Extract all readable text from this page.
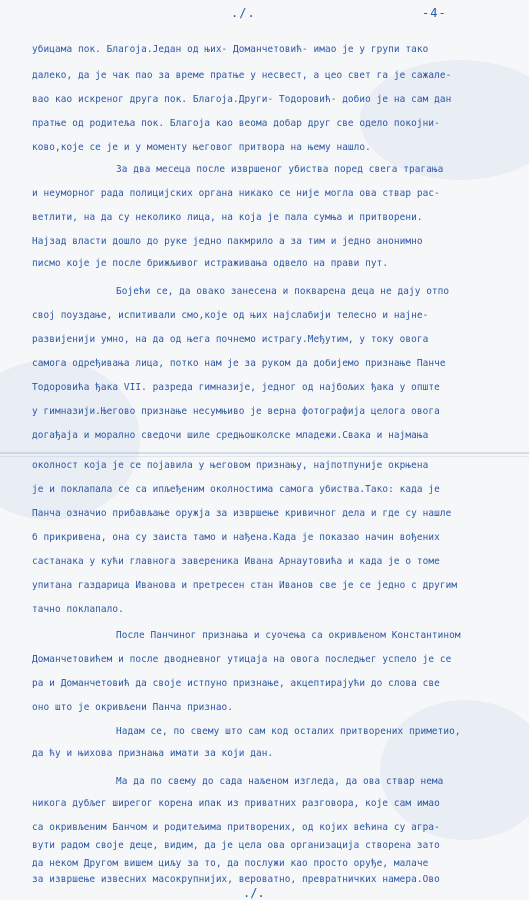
./.	-4-
убицама пок. Благоја.Један од њих- Доманчетовић- имао је у групи тако
далеко, да је чак пао за време пратње у несвест, а цео свет га је сажале-
вао као искреног друга пок. Благоја.Други- Тодоровић- добио је на сам дан
пратње од родитеља пок. Благоја као веома добар друг све одело покојни-
ково,које се је и у моменту његовог притвора на њему нашло.
За два месеца после извршеног убиства поред свега трагања
и неуморног рада полицијских органа никако се није могла ова ствар рас-
ветлити, на да су неколико лица, на која је пала сумња и притворени.
Најзад власти дошло до руке једно пакмрило а за тим и једно анонимно
писмо које је после брижљивог истраживања одвело на прави пут.
Бојећи се, да овако занесена и покварена деца не дају отпо
свој поуздање, испитивали смо,које од њих најслабији телесно и најне-
развијенији умно, на да од њега почнемо истрагу.Међутим, у току овога
самога одређивања лица, потко нам је за руком да добијемо признање Панче
Тодоровића ђака VII. разреда гимназије, једног од најбољих ђака у опште
у гимназији.Његово признање несумњиво је верна фотографија целога овога
догађаја и морално сведочи шиле средњошколске младежи.Свака и најмања
околност која је се појавила у његовом признању, најпотпуније окрњена
је и поклапала се са ипљеђеним околностима самога убиства.Тако: када је
Панча означио прибављање оружја за извршење кривичног дела и где су нашле
б прикривена, она су заиста тамо и нађена.Када је показао начин вођених
састанака у кући главнога завереника Ивана Арнаутовића и када је о томе
упитана газдарица Иванова и претресен стан Иванов све је се једно с другим
тачно поклапало.
После Панчиног признања и суочења са окривљеном Константином
Доманчетовићем и после дводневног утицаја на овога последњег успело је се
ра и Доманчетовић да своје истпуно признање, акцептирајући до слова све
оно што је окривљени Панча признао.
Надам се, по свему што сам код осталих притворених приметио,
да ћу и њихова признања имати за који дан.
Ма да по свему до сада наљеном изгледа, да ова ствар нема
никога дубљег ширегог корена ипак из приватних разговора, које сам имао
са окривљеним Банчом и родитељима притворених, од којих већина су агра-
вути радом своје деце, видим, да је цела ова организација створена зато
да неком Другом вишем циљу за то, да послужи као просто оруђе, малаче
за извршење извесних масокрупнијих, вероватно, превратничких намера.Ово
./.
